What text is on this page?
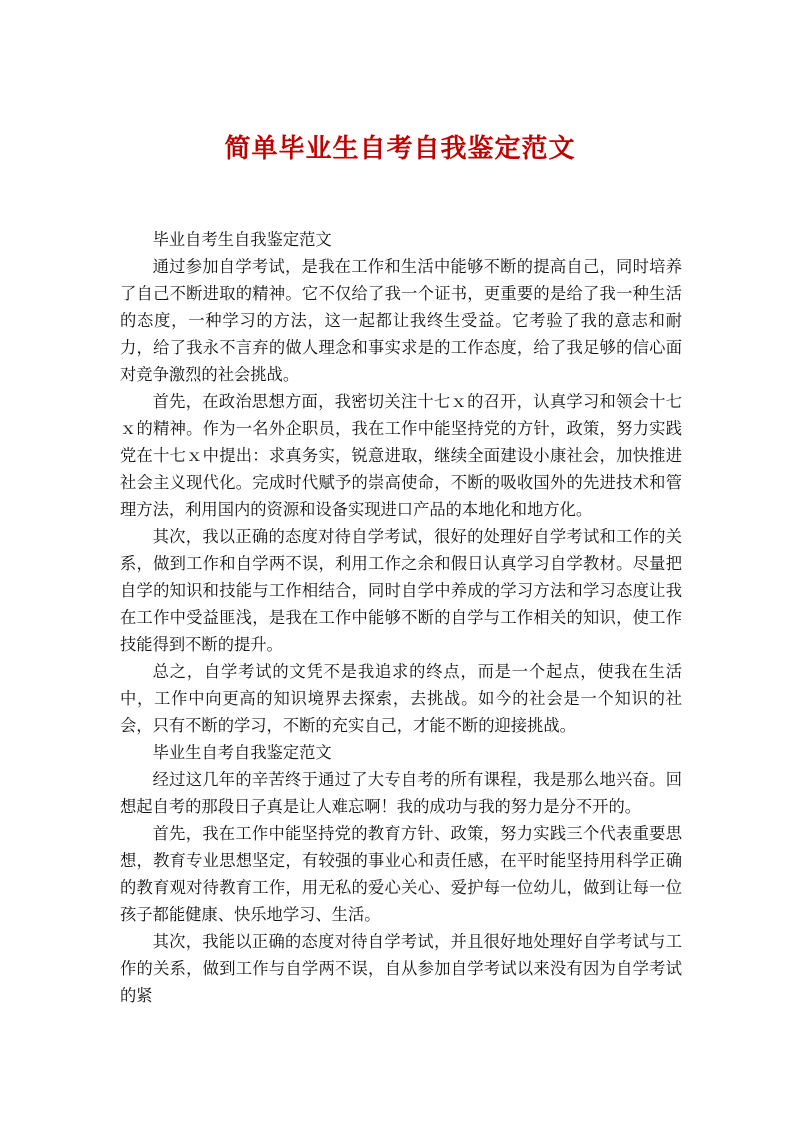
简单毕业生自考自我鉴定范文

毕业自考生自我鉴定范文

通过参加自学考试，是我在工作和生活中能够不断的提高自己，同时培养了自己不断进取的精神。它不仅给了我一个证书，更重要的是给了我一种生活的态度，一种学习的方法，这一起都让我终生受益。它考验了我的意志和耐力，给了我永不言弃的做人理念和事实求是的工作态度，给了我足够的信心面对竞争激烈的社会挑战。

首先，在政治思想方面，我密切关注十七ｘ的召开，认真学习和领会十七ｘ的精神。作为一名外企职员，我在工作中能坚持党的方针，政策，努力实践党在十七ｘ中提出：求真务实，锐意进取，继续全面建设小康社会，加快推进社会主义现代化。完成时代赋予的崇高使命，不断的吸收国外的先进技术和管理方法，利用国内的资源和设备实现进口产品的本地化和地方化。

其次，我以正确的态度对待自学考试，很好的处理好自学考试和工作的关系，做到工作和自学两不误，利用工作之余和假日认真学习自学教材。尽量把自学的知识和技能与工作相结合，同时自学中养成的学习方法和学习态度让我在工作中受益匪浅，是我在工作中能够不断的自学与工作相关的知识，使工作技能得到不断的提升。

总之，自学考试的文凭不是我追求的终点，而是一个起点，使我在生活中，工作中向更高的知识境界去探索，去挑战。如今的社会是一个知识的社会，只有不断的学习，不断的充实自己，才能不断的迎接挑战。

毕业生自考自我鉴定范文

经过这几年的辛苦终于通过了大专自考的所有课程，我是那么地兴奋。回想起自考的那段日子真是让人难忘啊！我的成功与我的努力是分不开的。

首先，我在工作中能坚持党的教育方针、政策，努力实践三个代表重要思想，教育专业思想坚定，有较强的事业心和责任感，在平时能坚持用科学正确的教育观对待教育工作，用无私的爱心关心、爱护每一位幼儿，做到让每一位孩子都能健康、快乐地学习、生活。

其次，我能以正确的态度对待自学考试，并且很好地处理好自学考试与工作的关系，做到工作与自学两不误，自从参加自学考试以来没有因为自学考试的紧
